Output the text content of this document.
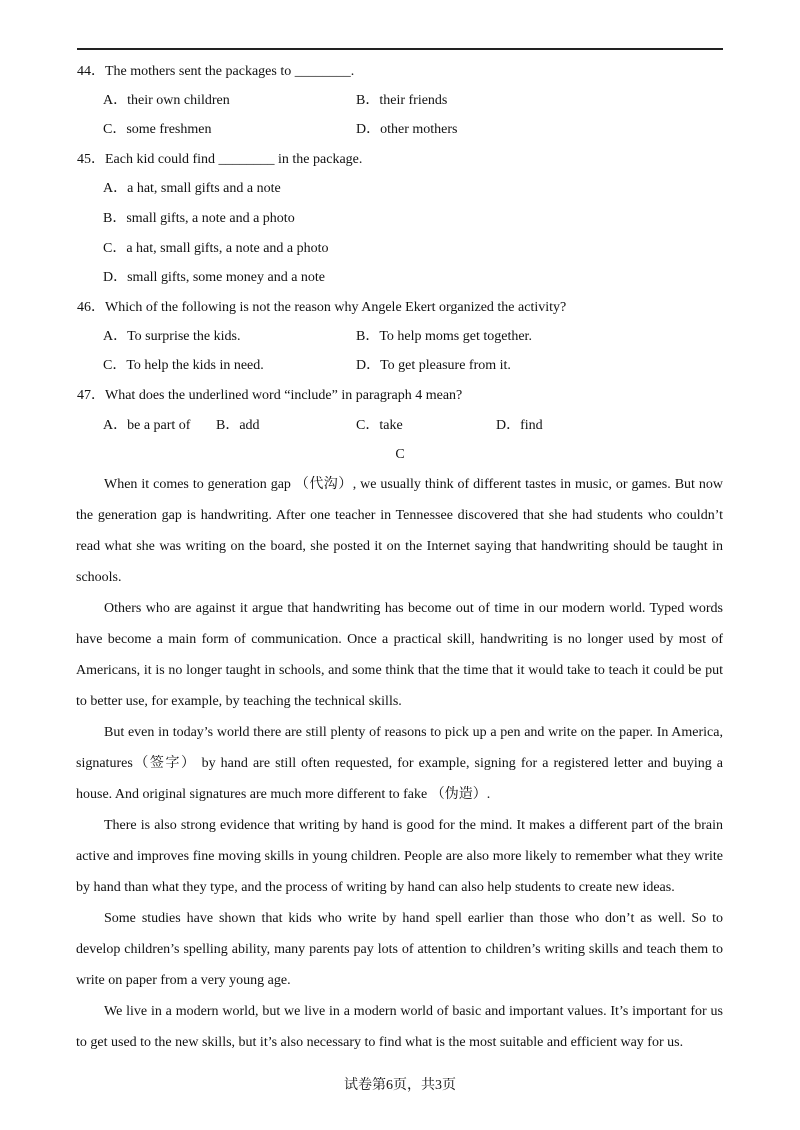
44．The mothers sent the packages to ________.
A．their own children	B．their friends
C．some freshmen	D．other mothers
45．Each kid could find ________ in the package.
A．a hat, small gifts and a note
B．small gifts, a note and a photo
C．a hat, small gifts, a note and a photo
D．small gifts, some money and a note
46．Which of the following is not the reason why Angele Ekert organized the activity?
A．To surprise the kids.	B．To help moms get together.
C．To help the kids in need.	D．To get pleasure from it.
47．What does the underlined word “include” in paragraph 4 mean?
A．be a part of B．add	C．take	D．find
C

When it comes to generation gap （代沟）, we usually think of different tastes in music, or games. But now the generation gap is handwriting. After one teacher in Tennessee discovered that she had students who couldn’t read what she was writing on the board, she posted it on the Internet saying that handwriting should be taught in schools.

Others who are against it argue that handwriting has become out of time in our modern world. Typed words have become a main form of communication. Once a practical skill, handwriting is no longer used by most of Americans, it is no longer taught in schools, and some think that the time that it would take to teach it could be put to better use, for example, by teaching the technical skills.

But even in today’s world there are still plenty of reasons to pick up a pen and write on the paper. In America, signatures（签字） by hand are still often requested, for example, signing for a registered letter and buying a house. And original signatures are much more different to fake （伪造）.

There is also strong evidence that writing by hand is good for the mind. It makes a different part of the brain active and improves fine moving skills in young children. People are also more likely to remember what they write by hand than what they type, and the process of writing by hand can also help students to create new ideas.

Some studies have shown that kids who write by hand spell earlier than those who don’t as well. So to develop children’s spelling ability, many parents pay lots of attention to children’s writing skills and teach them to write on paper from a very young age.

We live in a modern world, but we live in a modern world of basic and important values. It’s important for us to get used to the new skills, but it’s also necessary to find what is the most suitable and efficient way for us.

试卷第6页，共3页
